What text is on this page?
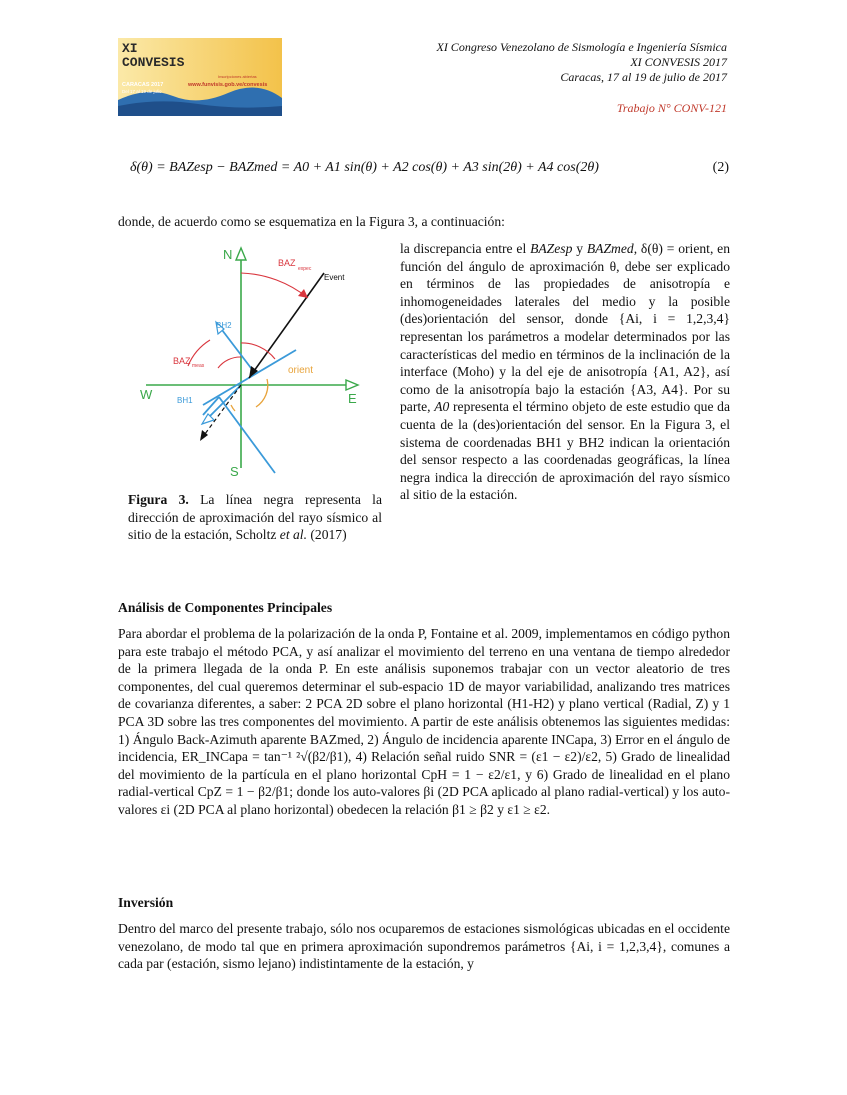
XI Congreso Venezolano de Sismología e Ingeniería Sísmica
XI CONVESIS 2017
Caracas, 17 al 19 de julio de 2017
Trabajo N° CONV-121
XI
CONVESIS
CARACAS 2017
Del 17 al 19 de julio
www.funvisis.gob.ve/convesis
Inscripciones abiertas
δ(θ) = BAZesp − BAZmed = A0 + A1 sin(θ) + A2 cos(θ) + A3 sin(2θ) + A4 cos(2θ)	(2)
donde, de acuerdo como se esquematiza en la Figura 3, a continuación:
N
S
E
W
BAZ
expec
Event
BH2
BAZ meas	orient
BH1
Figura 3. La línea negra representa la dirección de aproximación del rayo sísmico al sitio de la estación, Scholtz et al. (2017)
la discrepancia entre el BAZesp y BAZmed, δ(θ) = orient, en función del ángulo de aproximación θ, debe ser explicado en términos de las propiedades de anisotropía e inhomogeneidades laterales del medio y la posible (des)orientación del sensor, donde {Ai, i = 1,2,3,4} representan los parámetros a modelar determinados por las características del medio en términos de la inclinación de la interface (Moho) y la del eje de anisotropía {A1, A2}, así como de la anisotropía bajo la estación {A3, A4}. Por su parte, A0 representa el término objeto de este estudio que da cuenta de la (des)orientación del sensor. En la Figura 3, el sistema de coordenadas BH1 y BH2 indican la orientación del sensor respecto a las coordenadas geográficas, la línea negra indica la dirección de aproximación del rayo sísmico al sitio de la estación.
Análisis de Componentes Principales
Para abordar el problema de la polarización de la onda P, Fontaine et al. 2009, implementamos en código python para este trabajo el método PCA, y así analizar el movimiento del terreno en una ventana de tiempo alrededor de la primera llegada de la onda P. En este análisis suponemos trabajar con un vector aleatorio de tres componentes, del cual queremos determinar el sub-espacio 1D de mayor variabilidad, analizando tres matrices de covarianza diferentes, a saber: 2 PCA 2D sobre el plano horizontal (H1-H2) y plano vertical (Radial, Z) y 1 PCA 3D sobre las tres componentes del movimiento. A partir de este análisis obtenemos las siguientes medidas: 1) Ángulo Back-Azimuth aparente BAZmed, 2) Ángulo de incidencia aparente INCapa, 3) Error en el ángulo de incidencia, ER_INCapa = tan⁻¹ ²√(β2/β1), 4) Relación señal ruido SNR = (ε1 − ε2)/ε2, 5) Grado de linealidad del movimiento de la partícula en el plano horizontal CpH = 1 − ε2/ε1, y 6) Grado de linealidad en el plano radial-vertical CpZ = 1 − β2/β1; donde los auto-valores βi (2D PCA aplicado al plano radial-vertical) y los auto-valores εi (2D PCA al plano horizontal) obedecen la relación β1 ≥ β2 y ε1 ≥ ε2.
Inversión
Dentro del marco del presente trabajo, sólo nos ocuparemos de estaciones sismológicas ubicadas en el occidente venezolano, de modo tal que en primera aproximación supondremos parámetros {Ai, i = 1,2,3,4}, comunes a cada par (estación, sismo lejano) indistintamente de la estación, y
